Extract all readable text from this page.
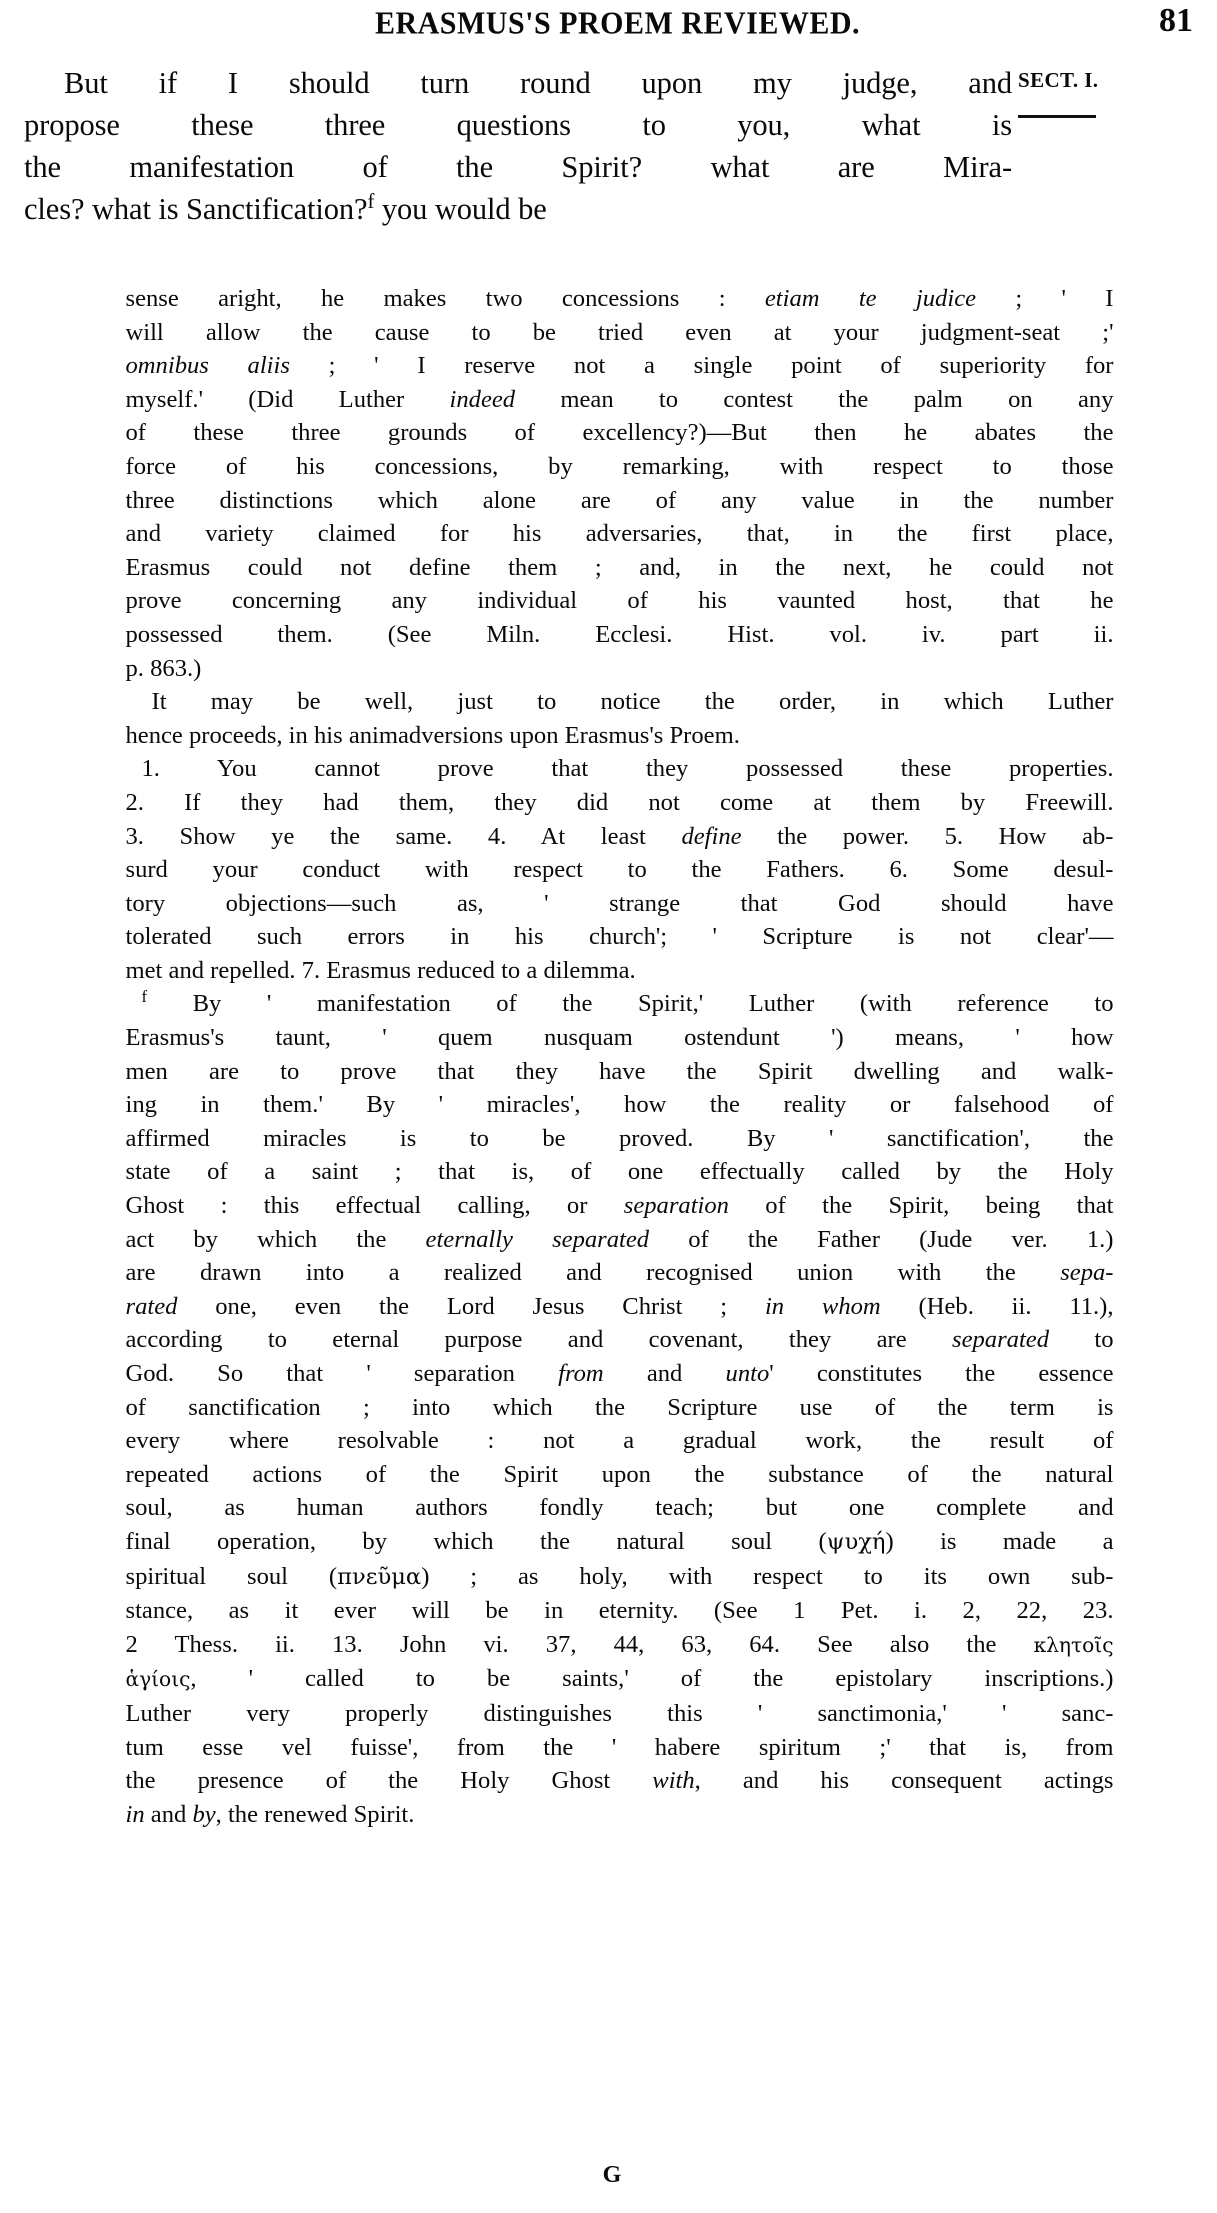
ERASMUS'S PROEM REVIEWED.	81
But if I should turn round upon my judge, and
propose these three questions to you, what is
the manifestation of the Spirit? what are Mira-
cles? what is Sanctification?$^f$ you would be
SECT. I.

sense aright, he makes two concessions : etiam te judice ; ' I
will allow the cause to be tried even at your judgment-seat ;'
omnibus aliis ; ' I reserve not a single point of superiority for
myself.' (Did Luther indeed mean to contest the palm on any
of these three grounds of excellency?)—But then he abates the
force of his concessions, by remarking, with respect to those
three distinctions which alone are of any value in the number
and variety claimed for his adversaries, that, in the first place,
Erasmus could not define them ; and, in the next, he could not
prove concerning any individual of his vaunted host, that he
possessed them. (See Miln. Ecclesi. Hist. vol. iv. part ii.
p. 863.)

It may be well, just to notice the order, in which Luther
hence proceeds, in his animadversions upon Erasmus's Proem.

1. You cannot prove that they possessed these properties.
2. If they had them, they did not come at them by Freewill.
3. Show ye the same. 4. At least define the power. 5. How ab-
surd your conduct with respect to the Fathers. 6. Some desul-
tory objections—such as, ' strange that God should have
tolerated such errors in his church'; ' Scripture is not clear'—
met and repelled. 7. Erasmus reduced to a dilemma.

$^f$ By ' manifestation of the Spirit,' Luther (with reference to
Erasmus's taunt, ' quem nusquam ostendunt ') means, ' how
men are to prove that they have the Spirit dwelling and walk-
ing in them.' By ' miracles', how the reality or falsehood of
affirmed miracles is to be proved. By ' sanctification', the
state of a saint ; that is, of one effectually called by the Holy
Ghost : this effectual calling, or separation of the Spirit, being that
act by which the eternally separated of the Father (Jude ver. 1.)
are drawn into a realized and recognised union with the sepa-
rated one, even the Lord Jesus Christ ; in whom (Heb. ii. 11.),
according to eternal purpose and covenant, they are separated to
God. So that ' separation from and unto' constitutes the essence
of sanctification ; into which the Scripture use of the term is
every where resolvable : not a gradual work, the result of
repeated actions of the Spirit upon the substance of the natural
soul, as human authors fondly teach; but one complete and
final operation, by which the natural soul (ψυχή) is made a
spiritual soul (πνεῦμα) ; as holy, with respect to its own sub-
stance, as it ever will be in eternity. (See 1 Pet. i. 2, 22, 23.
2 Thess. ii. 13. John vi. 37, 44, 63, 64. See also the κλητοῖς
ἁγίοις, ' called to be saints,' of the epistolary inscriptions.)
Luther very properly distinguishes this ' sanctimonia,' ' sanc-
tum esse vel fuisse', from the ' habere spiritum ;' that is, from
the presence of the Holy Ghost with, and his consequent actings
in and by, the renewed Spirit.

G
